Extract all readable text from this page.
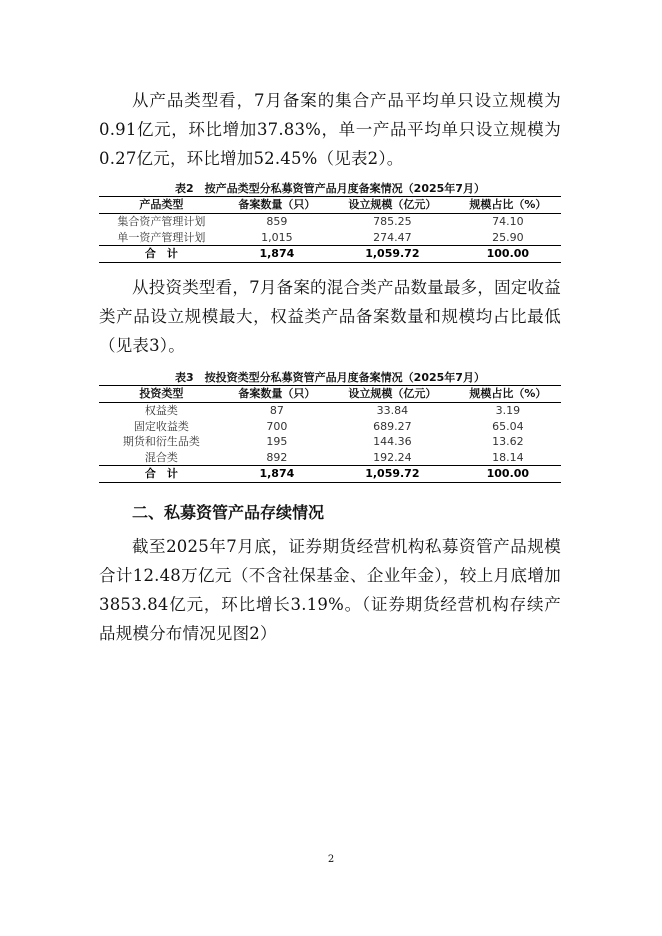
从产品类型看，7月备案的集合产品平均单只设立规模为0.91亿元，环比增加37.83%，单一产品平均单只设立规模为0.27亿元，环比增加52.45%（见表2）。

表2　按产品类型分私募资管产品月度备案情况（2025年7月）

产品类型	备案数量（只）	设立规模（亿元）	规模占比（%）
集合资产管理计划	859	785.25	74.10
单一资产管理计划	1,015	274.47	25.90
合　计	1,874	1,059.72	100.00

从投资类型看，7月备案的混合类产品数量最多，固定收益类产品设立规模最大，权益类产品备案数量和规模均占比最低（见表3）。

表3　按投资类型分私募资管产品月度备案情况（2025年7月）

投资类型	备案数量（只）	设立规模（亿元）	规模占比（%）
权益类	87	33.84	3.19
固定收益类	700	689.27	65.04
期货和衍生品类	195	144.36	13.62
混合类	892	192.24	18.14
合　计	1,874	1,059.72	100.00
二、私募资管产品存续情况

截至2025年7月底，证券期货经营机构私募资管产品规模合计12.48万亿元（不含社保基金、企业年金），较上月底增加3853.84亿元，环比增长3.19%。（证券期货经营机构存续产品规模分布情况见图2）

2
